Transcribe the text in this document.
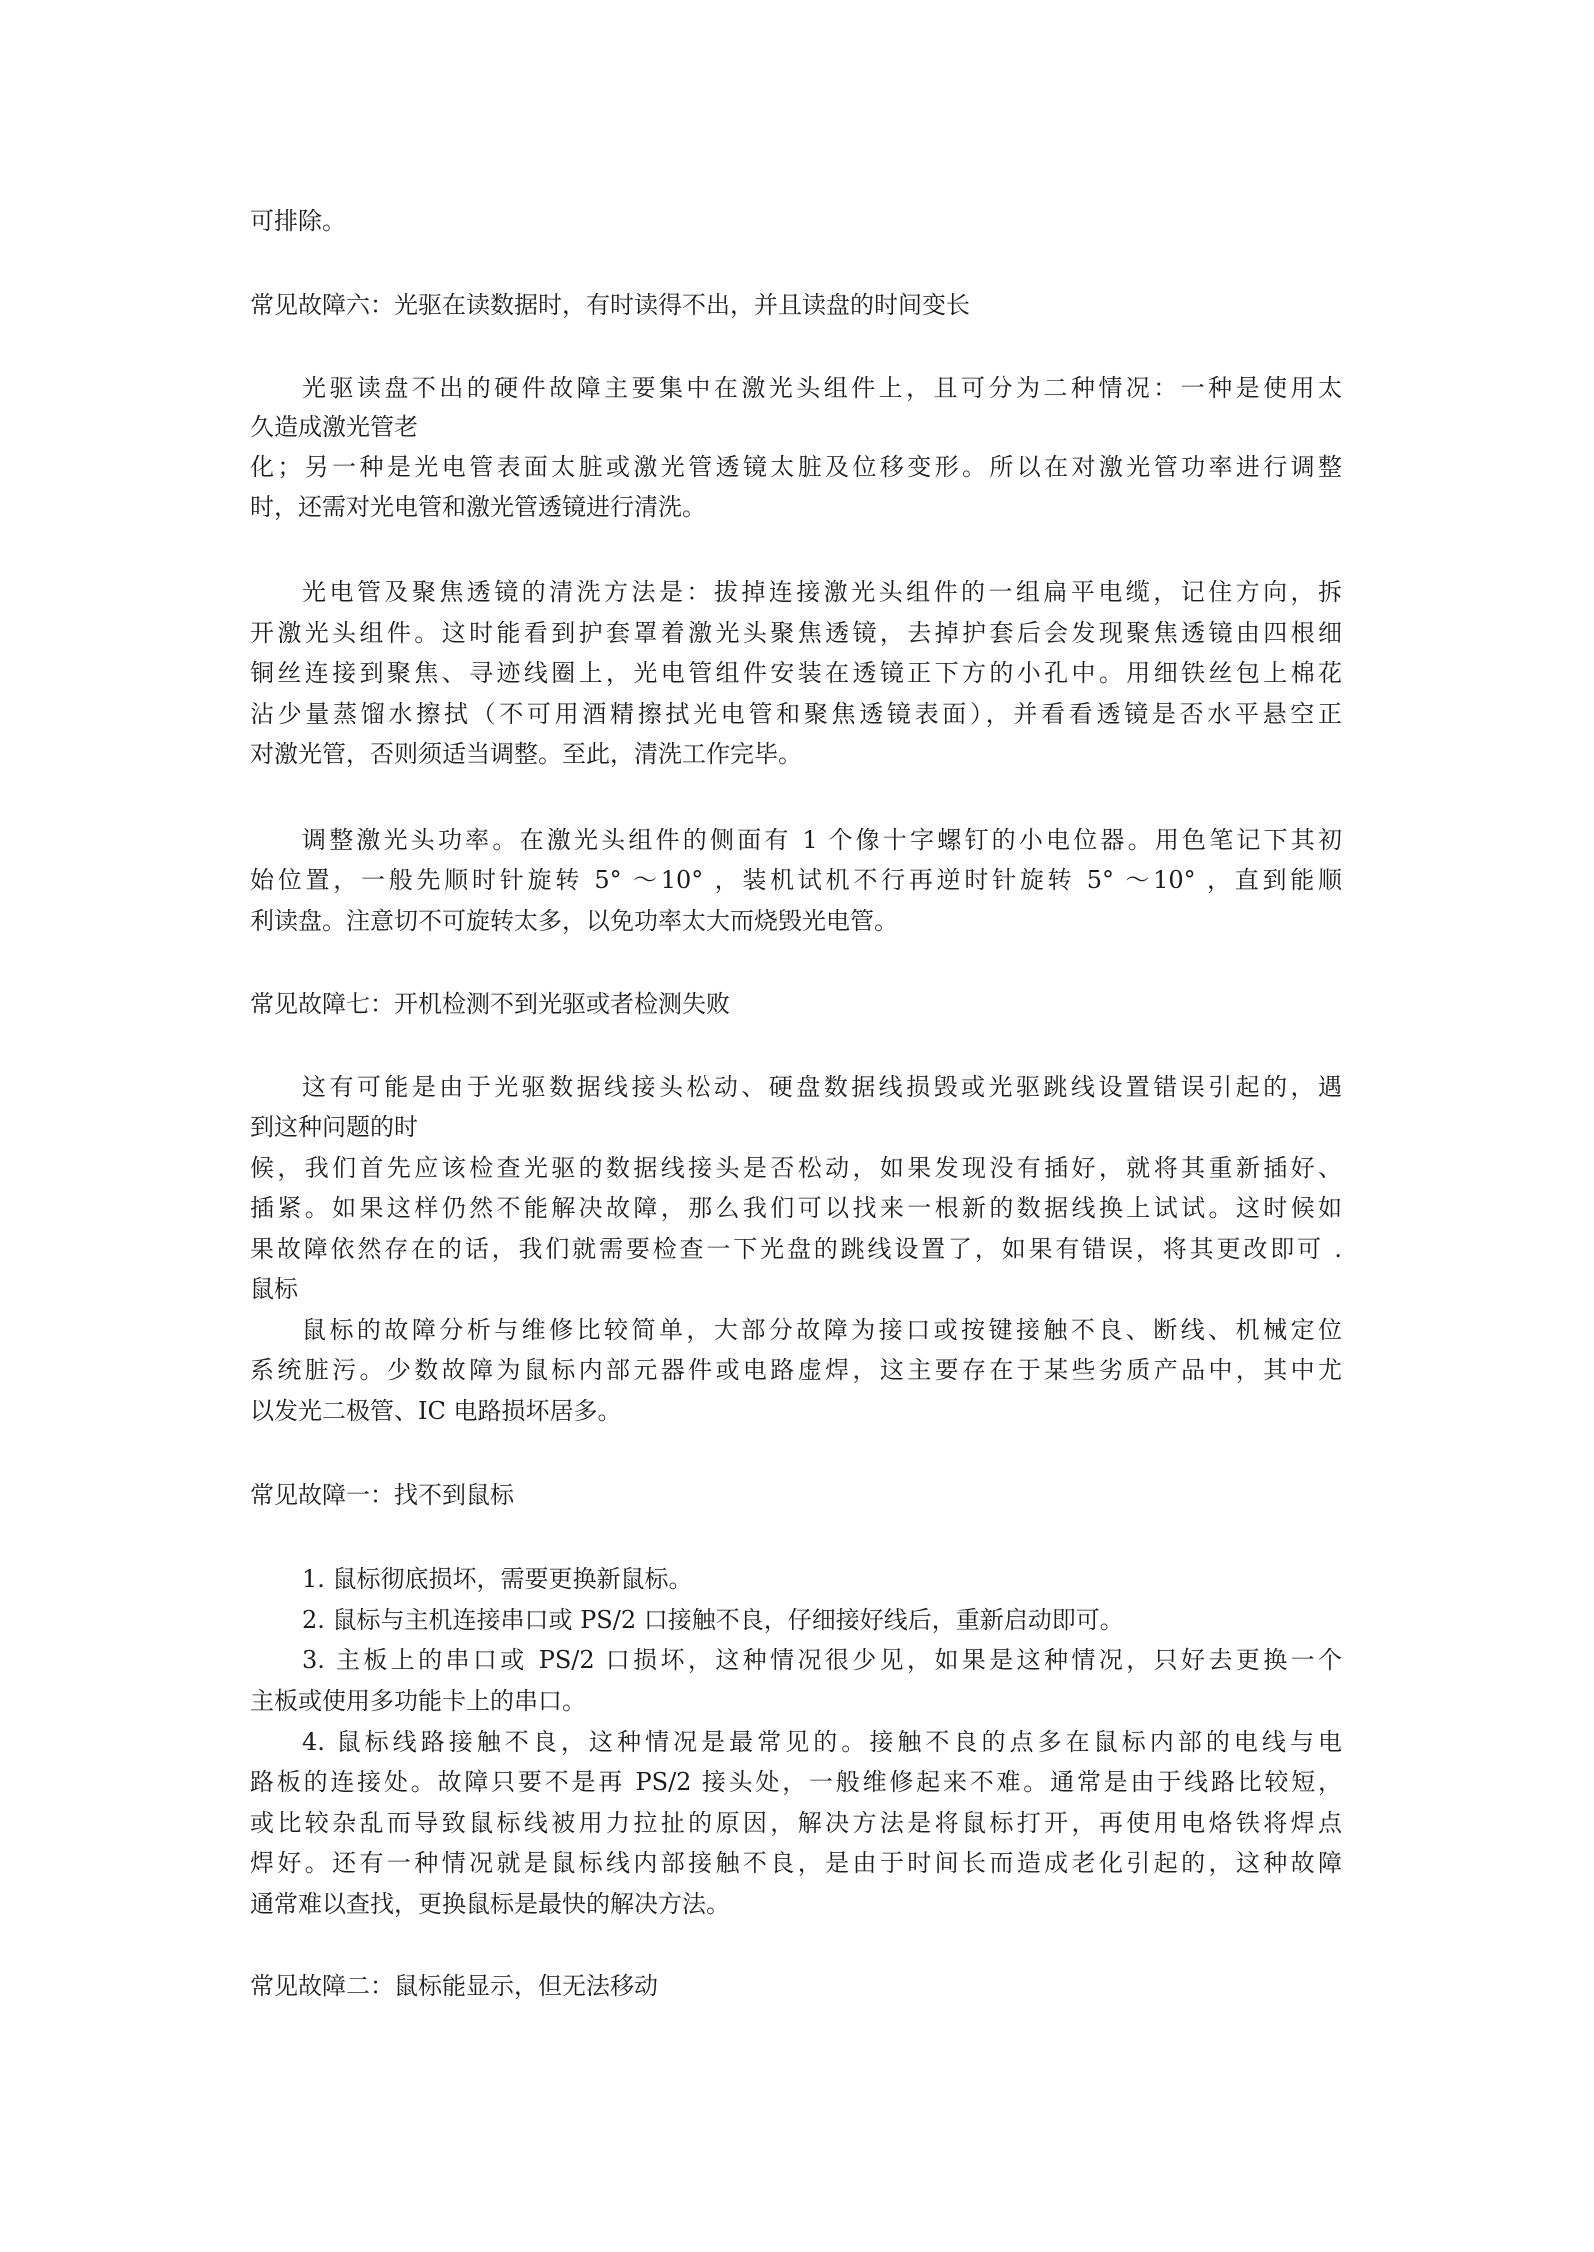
可排除。
常见故障六：光驱在读数据时，有时读得不出，并且读盘的时间变长
光驱读盘不出的硬件故障主要集中在激光头组件上，且可分为二种情况：一种是使用太
久造成激光管老
化；另一种是光电管表面太脏或激光管透镜太脏及位移变形。所以在对激光管功率进行调整
时，还需对光电管和激光管透镜进行清洗。
光电管及聚焦透镜的清洗方法是：拔掉连接激光头组件的一组扁平电缆，记住方向，拆
开激光头组件。这时能看到护套罩着激光头聚焦透镜，去掉护套后会发现聚焦透镜由四根细
铜丝连接到聚焦、寻迹线圈上，光电管组件安装在透镜正下方的小孔中。用细铁丝包上棉花
沾少量蒸馏水擦拭（不可用酒精擦拭光电管和聚焦透镜表面），并看看透镜是否水平悬空正
对激光管，否则须适当调整。至此，清洗工作完毕。
调整激光头功率。在激光头组件的侧面有 1 个像十字螺钉的小电位器。用色笔记下其初
始位置，一般先顺时针旋转 5° ～10° ，装机试机不行再逆时针旋转 5° ～10° ，直到能顺
利读盘。注意切不可旋转太多，以免功率太大而烧毁光电管。
常见故障七：开机检测不到光驱或者检测失败
这有可能是由于光驱数据线接头松动、硬盘数据线损毁或光驱跳线设置错误引起的，遇
到这种问题的时
候，我们首先应该检查光驱的数据线接头是否松动，如果发现没有插好，就将其重新插好、
插紧。如果这样仍然不能解决故障，那么我们可以找来一根新的数据线换上试试。这时候如
果故障依然存在的话，我们就需要检查一下光盘的跳线设置了，如果有错误，将其更改即可 .
鼠标
鼠标的故障分析与维修比较简单，大部分故障为接口或按键接触不良、断线、机械定位
系统脏污。少数故障为鼠标内部元器件或电路虚焊，这主要存在于某些劣质产品中，其中尤
以发光二极管、IC 电路损坏居多。
常见故障一：找不到鼠标
1. 鼠标彻底损坏，需要更换新鼠标。
2. 鼠标与主机连接串口或 PS/2 口接触不良，仔细接好线后，重新启动即可。
3. 主板上的串口或 PS/2 口损坏，这种情况很少见，如果是这种情况，只好去更换一个
主板或使用多功能卡上的串口。
4. 鼠标线路接触不良，这种情况是最常见的。接触不良的点多在鼠标内部的电线与电
路板的连接处。故障只要不是再 PS/2 接头处，一般维修起来不难。通常是由于线路比较短，
或比较杂乱而导致鼠标线被用力拉扯的原因，解决方法是将鼠标打开，再使用电烙铁将焊点
焊好。还有一种情况就是鼠标线内部接触不良，是由于时间长而造成老化引起的，这种故障
通常难以查找，更换鼠标是最快的解决方法。
常见故障二：鼠标能显示，但无法移动
